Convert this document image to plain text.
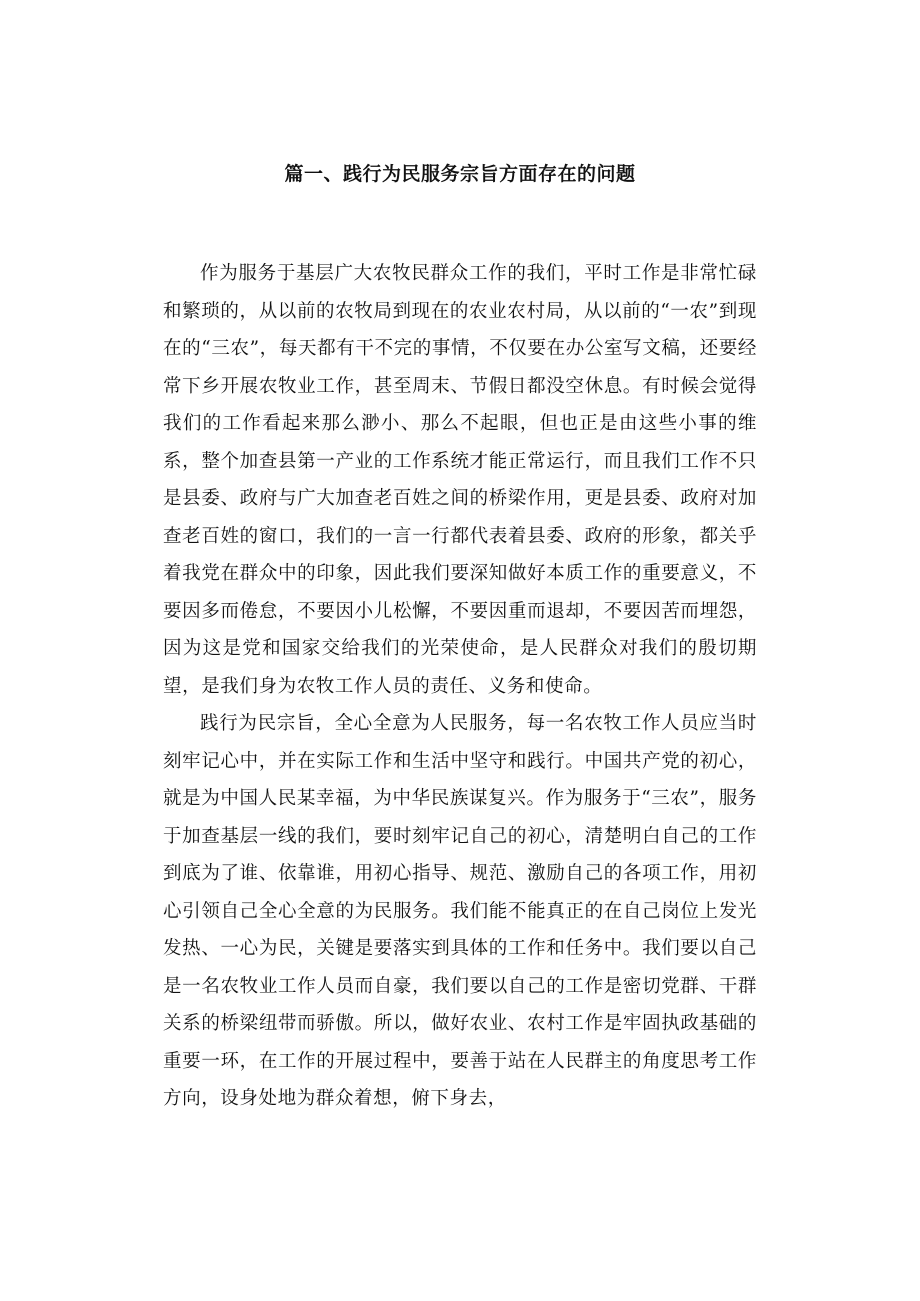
篇一、践行为民服务宗旨方面存在的问题

作为服务于基层广大农牧民群众工作的我们，平时工作是非常忙碌和繁琐的，从以前的农牧局到现在的农业农村局，从以前的“一农”到现在的“三农”，每天都有干不完的事情，不仅要在办公室写文稿，还要经常下乡开展农牧业工作，甚至周末、节假日都没空休息。有时候会觉得我们的工作看起来那么渺小、那么不起眼，但也正是由这些小事的维系，整个加查县第一产业的工作系统才能正常运行，而且我们工作不只是县委、政府与广大加查老百姓之间的桥梁作用，更是县委、政府对加查老百姓的窗口，我们的一言一行都代表着县委、政府的形象，都关乎着我党在群众中的印象，因此我们要深知做好本质工作的重要意义，不要因多而倦怠，不要因小儿松懈，不要因重而退却，不要因苦而埋怨，因为这是党和国家交给我们的光荣使命，是人民群众对我们的殷切期望，是我们身为农牧工作人员的责任、义务和使命。

践行为民宗旨，全心全意为人民服务，每一名农牧工作人员应当时刻牢记心中，并在实际工作和生活中坚守和践行。中国共产党的初心，就是为中国人民某幸福，为中华民族谋复兴。作为服务于“三农”，服务于加查基层一线的我们，要时刻牢记自己的初心，清楚明白自己的工作到底为了谁、依靠谁，用初心指导、规范、激励自己的各项工作，用初心引领自己全心全意的为民服务。我们能不能真正的在自己岗位上发光发热、一心为民，关键是要落实到具体的工作和任务中。我们要以自己是一名农牧业工作人员而自豪，我们要以自己的工作是密切党群、干群关系的桥梁纽带而骄傲。所以，做好农业、农村工作是牢固执政基础的重要一环，在工作的开展过程中，要善于站在人民群主的角度思考工作方向，设身处地为群众着想，俯下身去，
